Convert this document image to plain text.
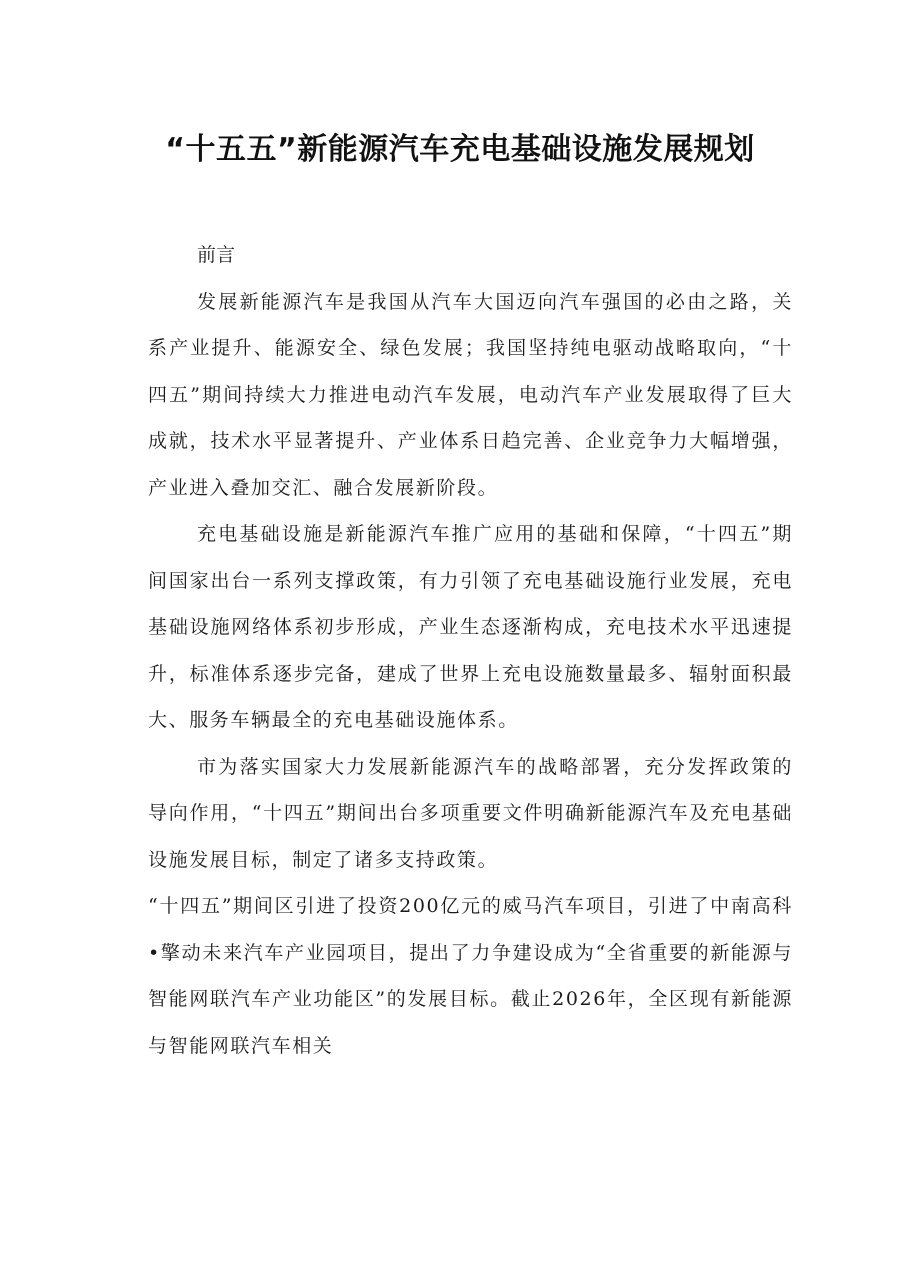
“十五五”新能源汽车充电基础设施发展规划
前言

发展新能源汽车是我国从汽车大国迈向汽车强国的必由之路，关系产业提升、能源安全、绿色发展；我国坚持纯电驱动战略取向，“十四五”期间持续大力推进电动汽车发展，电动汽车产业发展取得了巨大成就，技术水平显著提升、产业体系日趋完善、企业竞争力大幅增强，产业进入叠加交汇、融合发展新阶段。

充电基础设施是新能源汽车推广应用的基础和保障，“十四五”期间国家出台一系列支撑政策，有力引领了充电基础设施行业发展，充电基础设施网络体系初步形成，产业生态逐渐构成，充电技术水平迅速提升，标准体系逐步完备，建成了世界上充电设施数量最多、辐射面积最大、服务车辆最全的充电基础设施体系。

市为落实国家大力发展新能源汽车的战略部署，充分发挥政策的导向作用，“十四五”期间出台多项重要文件明确新能源汽车及充电基础设施发展目标，制定了诸多支持政策。

“十四五”期间区引进了投资200亿元的威马汽车项目，引进了中南高科•擎动未来汽车产业园项目，提出了力争建设成为“全省重要的新能源与智能网联汽车产业功能区”的发展目标。截止2026年，全区现有新能源与智能网联汽车相关
